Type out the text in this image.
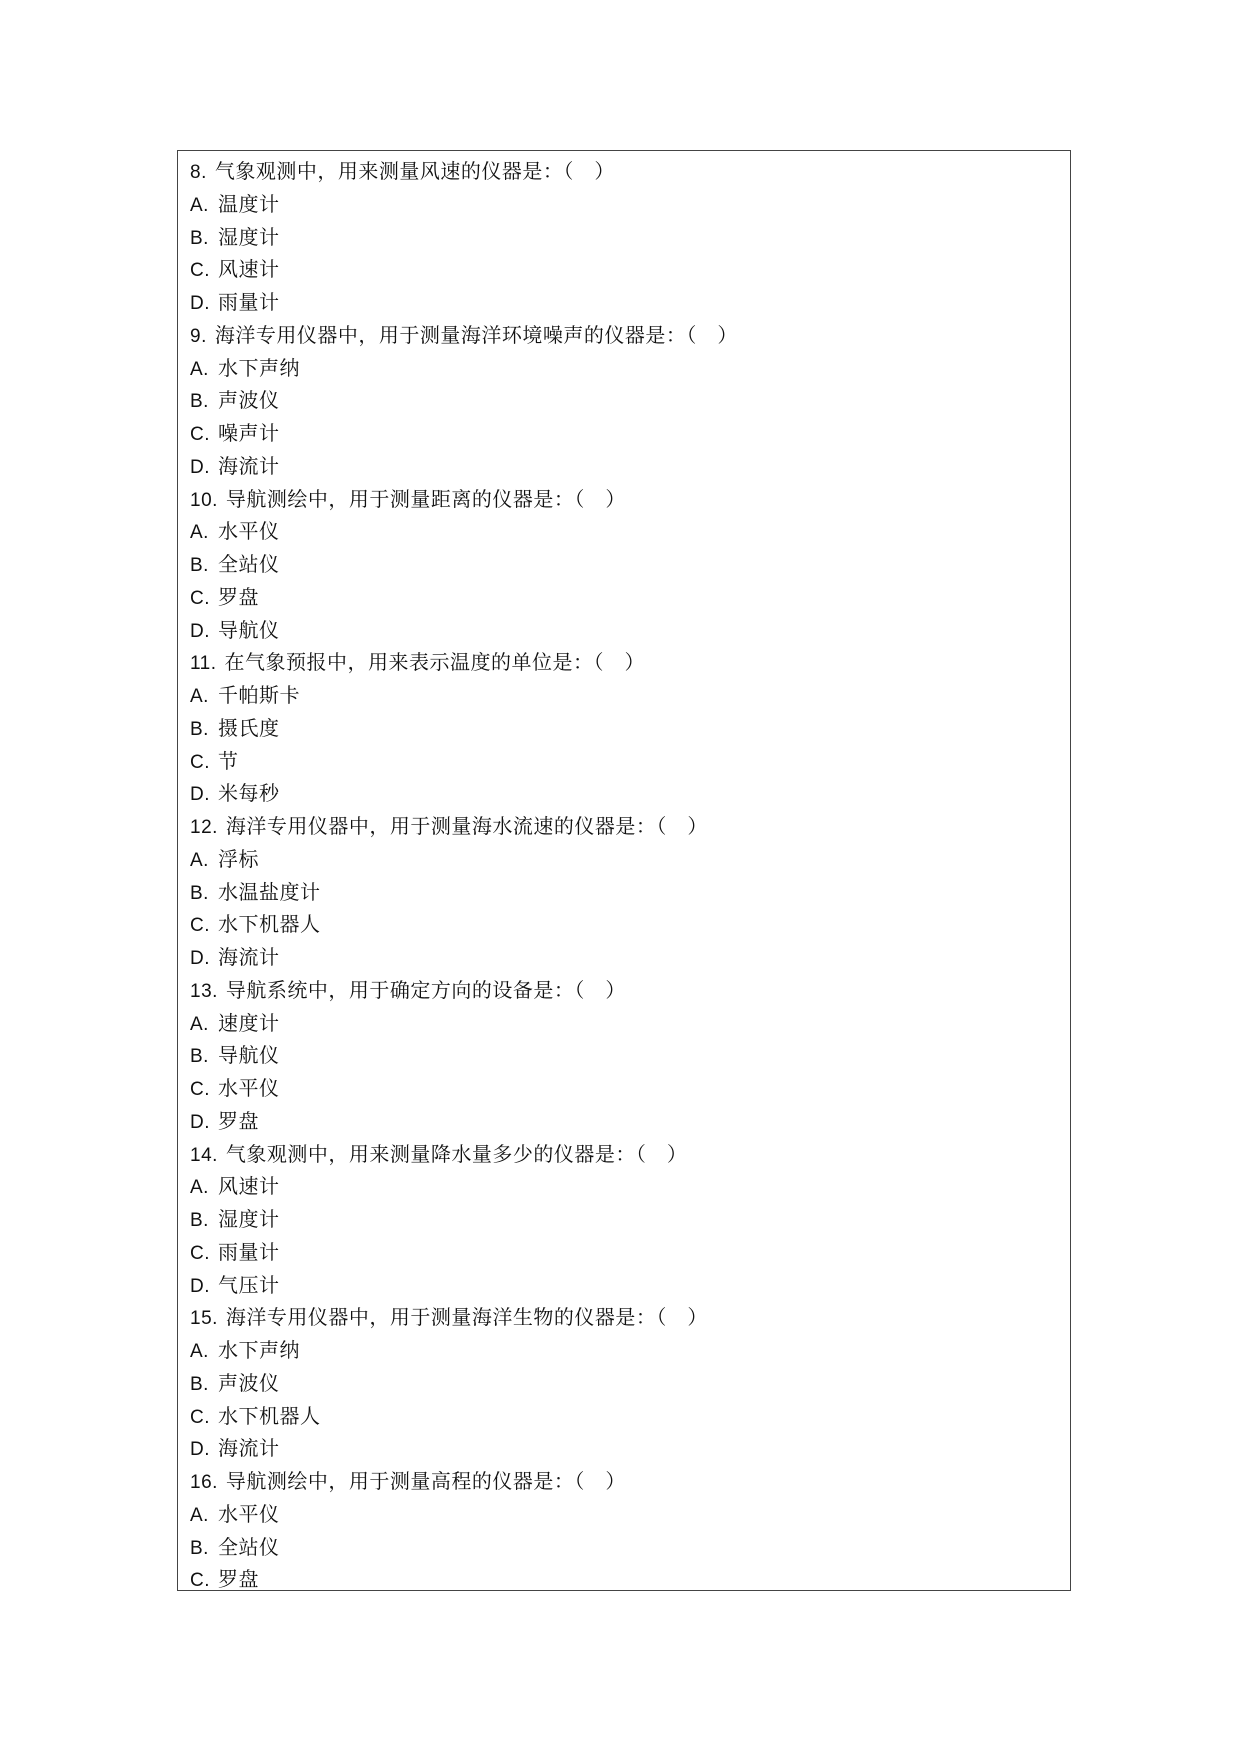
8. 气象观测中，用来测量风速的仪器是：（　）
A. 温度计
B. 湿度计
C. 风速计
D. 雨量计
9. 海洋专用仪器中，用于测量海洋环境噪声的仪器是：（　）
A. 水下声纳
B. 声波仪
C. 噪声计
D. 海流计
10. 导航测绘中，用于测量距离的仪器是：（　）
A. 水平仪
B. 全站仪
C. 罗盘
D. 导航仪
11. 在气象预报中，用来表示温度的单位是：（　）
A. 千帕斯卡
B. 摄氏度
C. 节
D. 米每秒
12. 海洋专用仪器中，用于测量海水流速的仪器是：（　）
A. 浮标
B. 水温盐度计
C. 水下机器人
D. 海流计
13. 导航系统中，用于确定方向的设备是：（　）
A. 速度计
B. 导航仪
C. 水平仪
D. 罗盘
14. 气象观测中，用来测量降水量多少的仪器是：（　）
A. 风速计
B. 湿度计
C. 雨量计
D. 气压计
15. 海洋专用仪器中，用于测量海洋生物的仪器是：（　）
A. 水下声纳
B. 声波仪
C. 水下机器人
D. 海流计
16. 导航测绘中，用于测量高程的仪器是：（　）
A. 水平仪
B. 全站仪
C. 罗盘
